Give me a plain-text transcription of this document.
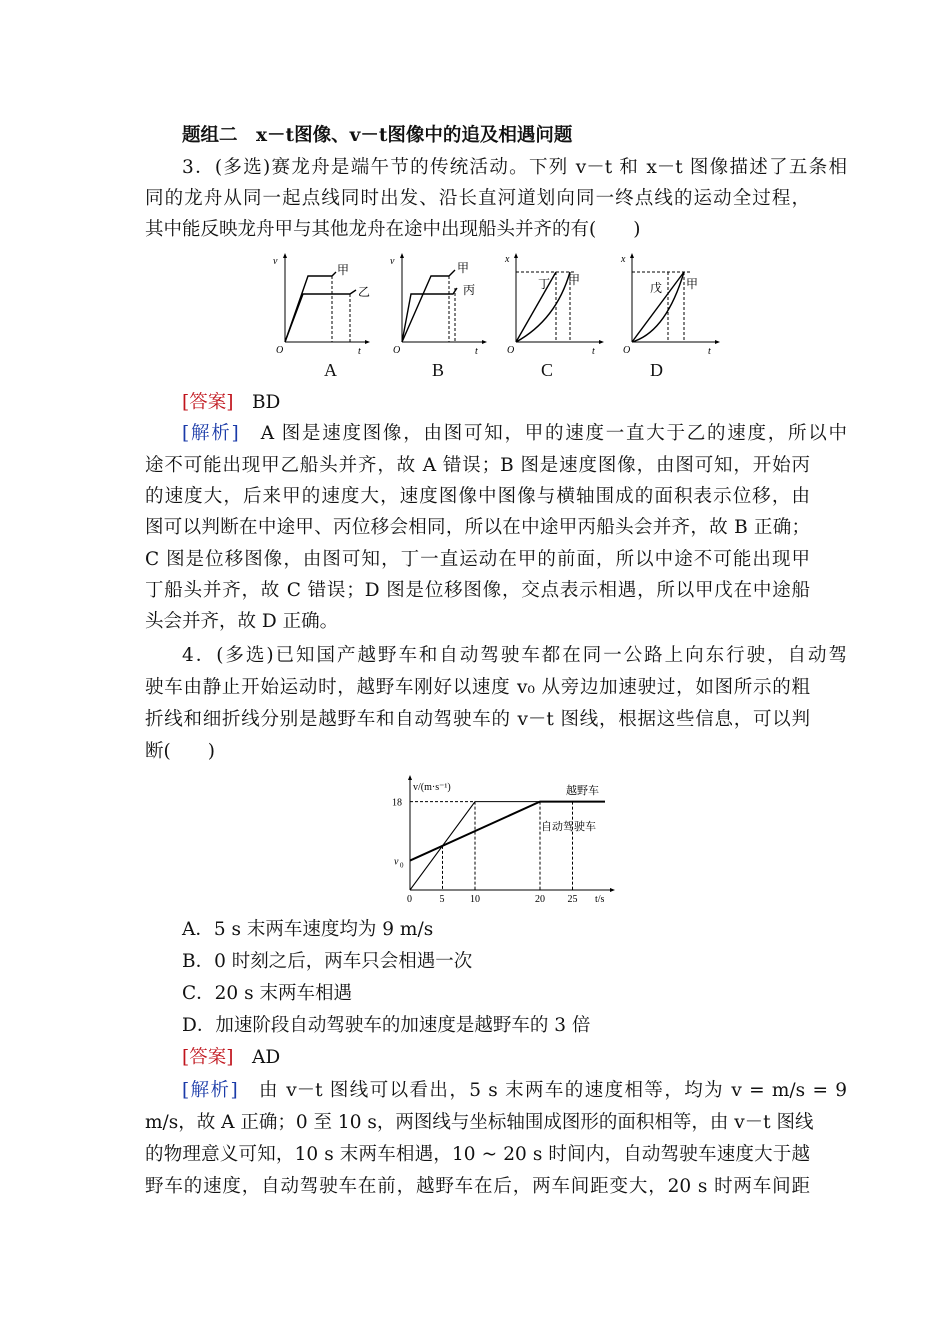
题组二　x－t图像、v－t图像中的追及相遇问题
3．(多选)赛龙舟是端午节的传统活动。下列 v－t 和 x－t 图像描述了五条相
同的龙舟从同一起点线同时出发、沿长直河道划向同一终点线的运动全过程，
其中能反映龙舟甲与其他龙舟在途中出现船头并齐的有(　　)
v
t
O
甲
乙
A
v
t
O
甲
丙
B
x
t
O
丁 甲
C
x
t
O
戊 甲
D
[答案]　 BD
[解析]　 A 图是速度图像，由图可知，甲的速度一直大于乙的速度，所以中
途不可能出现甲乙船头并齐，故 A 错误；B 图是速度图像，由图可知，开始丙
的速度大，后来甲的速度大，速度图像中图像与横轴围成的面积表示位移，由
图可以判断在中途甲、丙位移会相同，所以在中途甲丙船头会并齐，故 B 正确；
C 图是位移图像，由图可知，丁一直运动在甲的前面，所以中途不可能出现甲
丁船头并齐，故 C 错误；D 图是位移图像，交点表示相遇，所以甲戊在中途船
头会并齐，故 D 正确。
4．(多选)已知国产越野车和自动驾驶车都在同一公路上向东行驶，自动驾
驶车由静止开始运动时，越野车刚好以速度 v₀ 从旁边加速驶过，如图所示的粗
折线和细折线分别是越野车和自动驾驶车的 v－t 图线，根据这些信息，可以判
断(　　)
0	5	10	20 25
18
v 0
v/(m·s⁻¹)
t/s
越野车
自动驾驶车
A．5 s 末两车速度均为 9 m/s
B．0 时刻之后，两车只会相遇一次
C．20 s 末两车相遇
D．加速阶段自动驾驶车的加速度是越野车的 3 倍
[答案]　 AD
[解析]　 由 v－t 图线可以看出，5 s 末两车的速度相等，均为 v = m/s = 9
m/s，故 A 正确；0 至 10 s，两图线与坐标轴围成图形的面积相等，由 v－t 图线
的物理意义可知，10 s 末两车相遇，10 ~ 20 s 时间内，自动驾驶车速度大于越
野车的速度，自动驾驶车在前，越野车在后，两车间距变大，20 s 时两车间距
